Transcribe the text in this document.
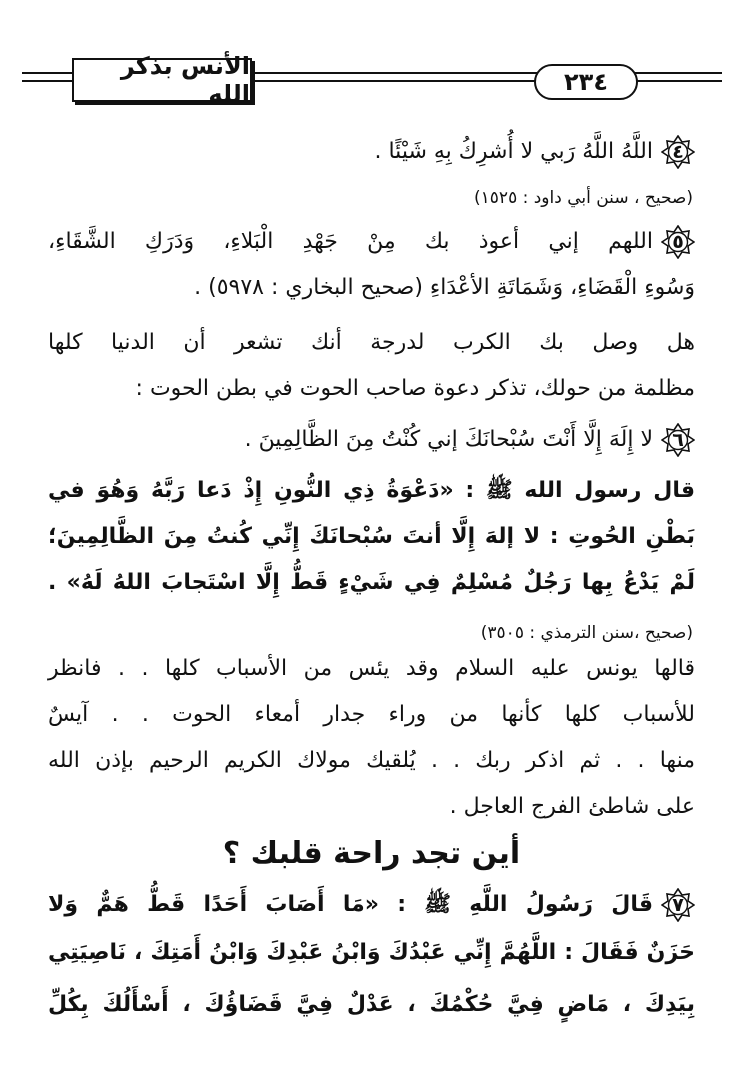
الأنس بذكر الله	٢٣٤
٤
اللَّهُ اللَّهُ رَبي لا أُشرِكُ بِهِ شَيْئًا .
(صحيح ، سنن أبي داود : ١٥٢٥)
٥
اللهم إني أعوذ بك مِنْ جَهْدِ الْبَلاءِ، وَدَرَكِ الشَّقَاءِ،
وَسُوءِ الْقَضَاءِ، وَشَمَاتَةِ الأعْدَاءِ (صحيح البخاري : ٥٩٧٨) .
هل وصل بك الكرب لدرجة أنك تشعر أن الدنيا كلها
مظلمة من حولك، تذكر دعوة صاحب الحوت في بطن الحوت :
٦
لا إِلَهَ إِلَّا أَنْتَ سُبْحانَكَ إني كُنْتُ مِنَ الظَّالِمِينَ .
قال رسول الله ﷺ : «دَعْوَةُ ذِي النُّونِ إِذْ دَعا رَبَّهُ وَهُوَ في
بَطْنِ الحُوتِ : لا إلهَ إِلَّا أنتَ سُبْحانَكَ إِنِّي كُنتُ مِنَ الظَّالِمِينَ؛
لَمْ يَدْعُ بِها رَجُلٌ مُسْلِمٌ فِي شَيْءٍ قَطُّ إِلَّا اسْتَجابَ اللهُ لَهُ» .
(صحيح ،سنن الترمذي : ٣٥٠٥)
قالها يونس عليه السلام وقد يئس من الأسباب كلها . . فانظر
للأسباب كلها كأنها من وراء جدار أمعاء الحوت . . آيسٌ
منها . . ثم اذكر ربك . . يُلقيك مولاك الكريم الرحيم بإذن الله
على شاطئ الفرج العاجل .
أين تجد راحة قلبك ؟
٧
قَالَ رَسُولُ اللَّهِ ﷺ : «مَا أَصَابَ أَحَدًا قَطُّ هَمٌّ وَلا
حَزَنٌ فَقَالَ : اللَّهُمَّ إِنِّي عَبْدُكَ وَابْنُ عَبْدِكَ وَابْنُ أَمَتِكَ ، نَاصِيَتِي
بِيَدِكَ ، مَاضٍ فِيَّ حُكْمُكَ ، عَدْلٌ فِيَّ قَضَاؤُكَ ، أَسْأَلُكَ بِكُلِّ
